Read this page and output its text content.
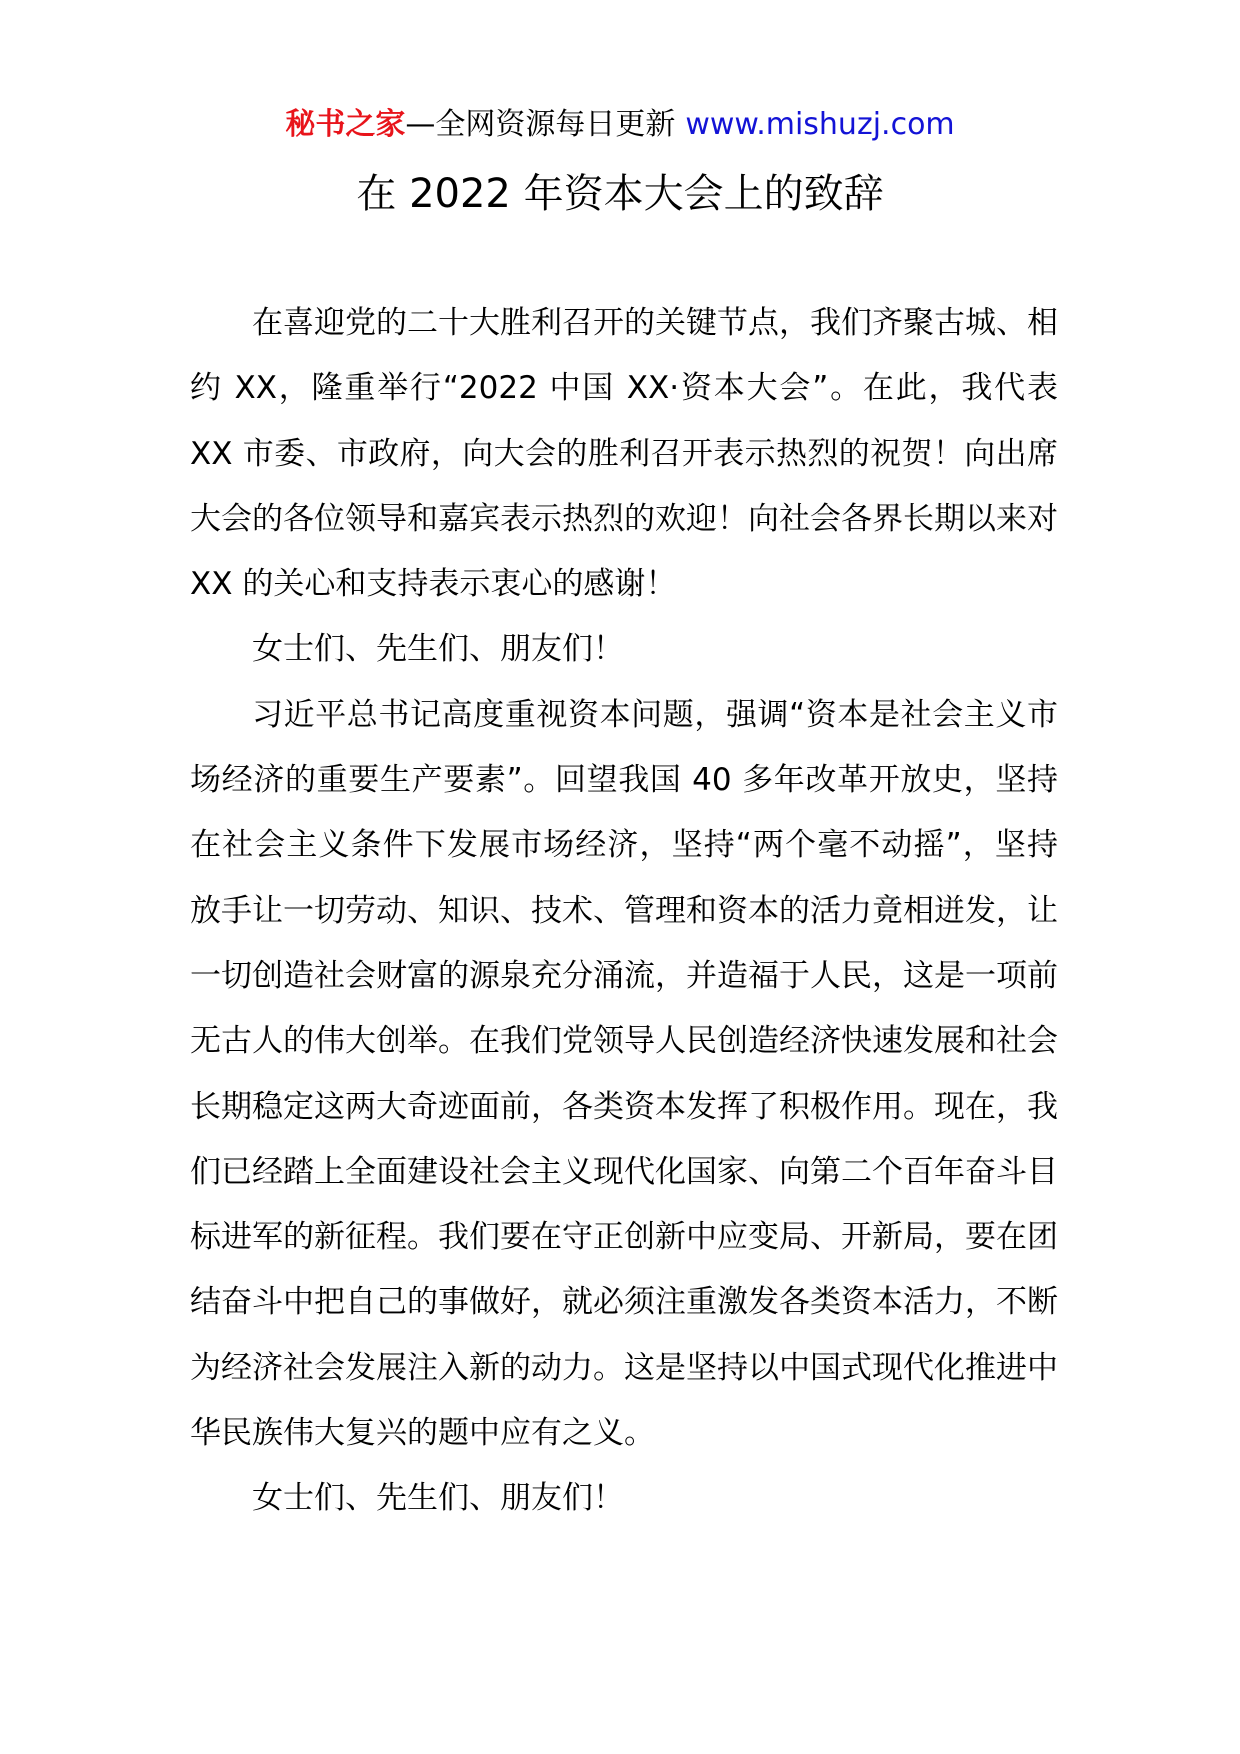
秘书之家—全网资源每日更新 www.mishuzj.com
在 2022 年资本大会上的致辞

在喜迎党的二十大胜利召开的关键节点，我们齐聚古城、相约 XX，隆重举行“2022 中国 XX·资本大会”。在此，我代表 XX 市委、市政府，向大会的胜利召开表示热烈的祝贺！向出席大会的各位领导和嘉宾表示热烈的欢迎！向社会各界长期以来对 XX 的关心和支持表示衷心的感谢！

女士们、先生们、朋友们！

习近平总书记高度重视资本问题，强调“资本是社会主义市场经济的重要生产要素”。回望我国 40 多年改革开放史，坚持在社会主义条件下发展市场经济，坚持“两个毫不动摇”，坚持放手让一切劳动、知识、技术、管理和资本的活力竟相迸发，让一切创造社会财富的源泉充分涌流，并造福于人民，这是一项前无古人的伟大创举。在我们党领导人民创造经济快速发展和社会长期稳定这两大奇迹面前，各类资本发挥了积极作用。现在，我们已经踏上全面建设社会主义现代化国家、向第二个百年奋斗目标进军的新征程。我们要在守正创新中应变局、开新局，要在团结奋斗中把自己的事做好，就必须注重激发各类资本活力，不断为经济社会发展注入新的动力。这是坚持以中国式现代化推进中华民族伟大复兴的题中应有之义。

女士们、先生们、朋友们！
